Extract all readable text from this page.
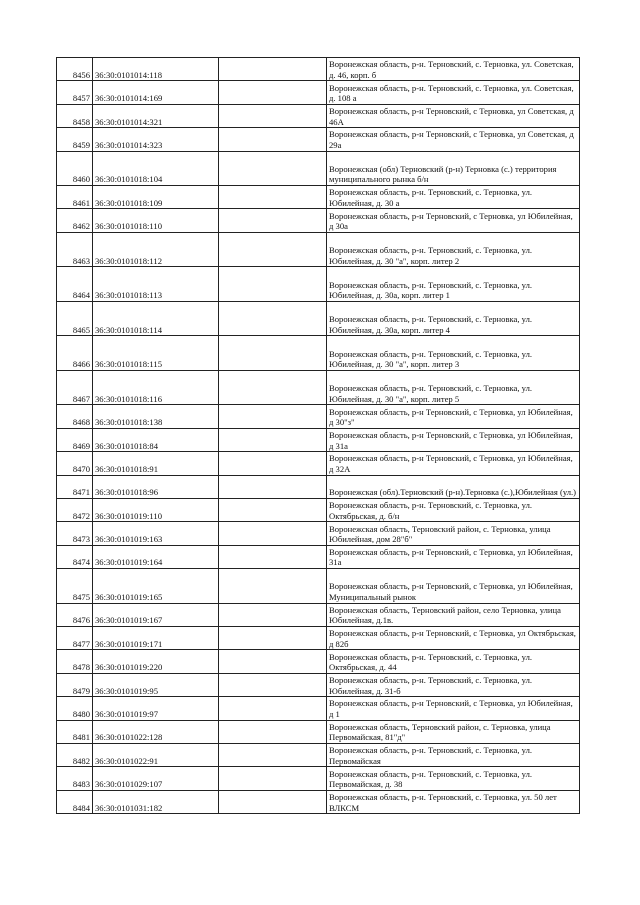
8456	36:30:0101014:118		Воронежская область, р-н. Терновский, с. Терновка, ул. Советская, д. 46, корп. б

8457	36:30:0101014:169		Воронежская область, р-н. Терновский, с. Терновка, ул. Советская, д. 108 а

8458	36:30:0101014:321		Воронежская область, р-н Терновский, с Терновка, ул Советская, д 46А

8459	36:30:0101014:323		Воронежская область, р-н Терновский, с Терновка, ул Советская, д 29а

8460	36:30:0101018:104		Воронежская (обл) Терновский (р-н) Терновка (с.) территория муниципального рынка б/н

8461	36:30:0101018:109		Воронежская область, р-н. Терновский, с. Терновка, ул. Юбилейная, д. 30 а

8462	36:30:0101018:110		Воронежская область, р-н Терновский, с Терновка, ул Юбилейная, д 30а

8463	36:30:0101018:112		Воронежская область, р-н. Терновский, с. Терновка, ул. Юбилейная, д. 30 "а", корп. литер 2

8464	36:30:0101018:113		Воронежская область, р-н. Терновский, с. Терновка, ул. Юбилейная, д. 30а, корп. литер 1

8465	36:30:0101018:114		Воронежская область, р-н. Терновский, с. Терновка, ул. Юбилейная, д. 30а, корп. литер 4

8466	36:30:0101018:115		Воронежская область, р-н. Терновский, с. Терновка, ул. Юбилейная, д. 30 "а", корп. литер 3

8467	36:30:0101018:116		Воронежская область, р-н. Терновский, с. Терновка, ул. Юбилейная, д. 30 "а", корп. литер 5

8468	36:30:0101018:138		Воронежская область, р-н Терновский, с Терновка, ул Юбилейная, д 30"з"

8469	36:30:0101018:84		Воронежская область, р-н Терновский, с Терновка, ул Юбилейная, д 31а

8470	36:30:0101018:91		Воронежская область, р-н Терновский, с Терновка, ул Юбилейная, д 32А

8471	36:30:0101018:96		Воронежская (обл).Терновский (р-н).Терновка (с.),Юбилейная (ул.)

8472	36:30:0101019:110		Воронежская область, р-н. Терновский, с. Терновка, ул. Октябрьская, д. б/н

8473	36:30:0101019:163		Воронежская область, Терновский район, с. Терновка, улица Юбилейная, дом 28"б"

8474	36:30:0101019:164		Воронежская область, р-н Терновский, с Терновка, ул Юбилейная, 31а

8475	36:30:0101019:165		Воронежская область, р-н Терновский, с Терновка, ул Юбилейная, Муниципальный рынок

8476	36:30:0101019:167		Воронежская область, Терновский район, село Терновка, улица Юбилейная, д.1в.

8477	36:30:0101019:171		Воронежская область, р-н Терновский, с Терновка, ул Октябрьская, д 82б

8478	36:30:0101019:220		Воронежская область, р-н. Терновский, с. Терновка, ул. Октябрьская, д. 44

8479	36:30:0101019:95		Воронежская область, р-н. Терновский, с. Терновка, ул. Юбилейная, д. 31-б

8480	36:30:0101019:97		Воронежская область, р-н Терновский, с Терновка, ул Юбилейная, д 1

8481	36:30:0101022:128		Воронежская область, Терновский район, с. Терновка, улица Первомайская, 81"д"

8482	36:30:0101022:91		Воронежская область, р-н. Терновский, с. Терновка, ул. Первомайская

8483	36:30:0101029:107		Воронежская область, р-н. Терновский, с. Терновка, ул. Первомайская, д. 38

8484	36:30:0101031:182		Воронежская область, р-н. Терновский, с. Терновка, ул. 50 лет ВЛКСМ
